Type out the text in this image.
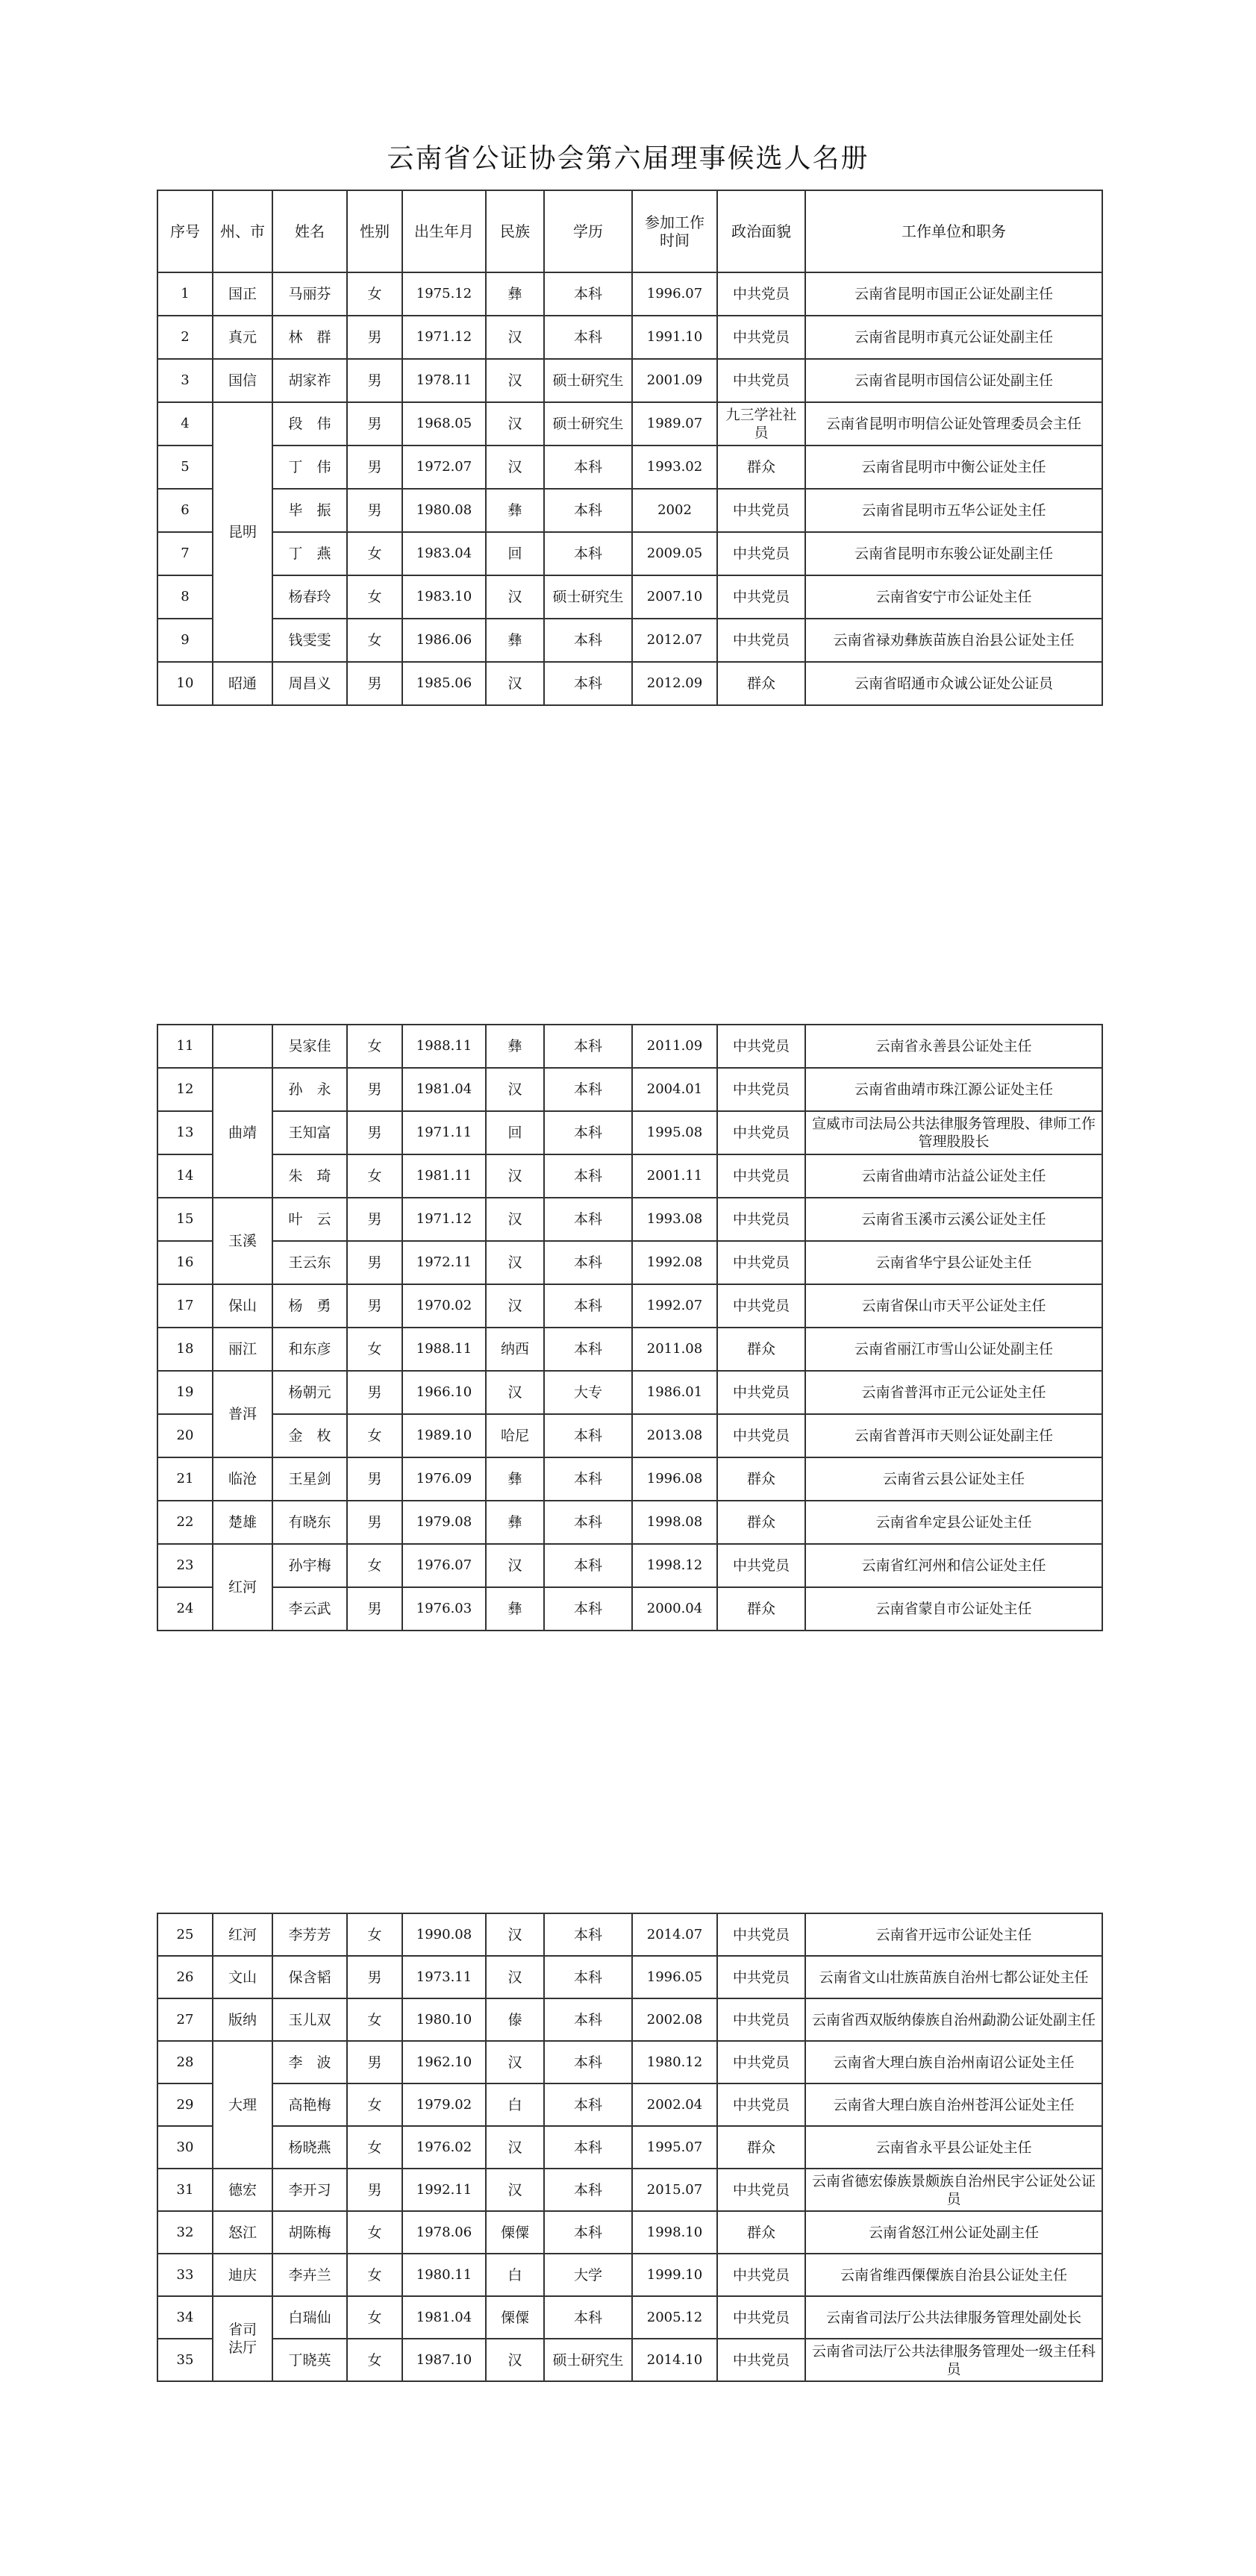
云南省公证协会第六届理事候选人名册
序号	州、市	姓名	性别	出生年月	民族	学历	参加工作时间	政治面貌	工作单位和职务
1	国正	马丽芬	女	1975.12	彝	本科	1996.07	中共党员	云南省昆明市国正公证处副主任
2	真元	林　群	男	1971.12	汉	本科	1991.10	中共党员	云南省昆明市真元公证处副主任
3	国信	胡家祚	男	1978.11	汉	硕士研究生	2001.09	中共党员	云南省昆明市国信公证处副主任
4	昆明	段　伟	男	1968.05	汉	硕士研究生	1989.07	九三学社社员	云南省昆明市明信公证处管理委员会主任
5		丁　伟	男	1972.07	汉	本科	1993.02	群众	云南省昆明市中衡公证处主任
6		毕　振	男	1980.08	彝	本科	2002	中共党员	云南省昆明市五华公证处主任
7		丁　燕	女	1983.04	回	本科	2009.05	中共党员	云南省昆明市东骏公证处副主任
8		杨春玲	女	1983.10	汉	硕士研究生	2007.10	中共党员	云南省安宁市公证处主任
9		钱雯雯	女	1986.06	彝	本科	2012.07	中共党员	云南省禄劝彝族苗族自治县公证处主任
10	昭通	周昌义	男	1985.06	汉	本科	2012.09	群众	云南省昭通市众诚公证处公证员
11		吴家佳	女	1988.11	彝	本科	2011.09	中共党员	云南省永善县公证处主任
12	曲靖	孙　永	男	1981.04	汉	本科	2004.01	中共党员	云南省曲靖市珠江源公证处主任
13		王知富	男	1971.11	回	本科	1995.08	中共党员	宣威市司法局公共法律服务管理股、律师工作管理股股长
14		朱　琦	女	1981.11	汉	本科	2001.11	中共党员	云南省曲靖市沾益公证处主任
15	玉溪	叶　云	男	1971.12	汉	本科	1993.08	中共党员	云南省玉溪市云溪公证处主任
16		王云东	男	1972.11	汉	本科	1992.08	中共党员	云南省华宁县公证处主任
17	保山	杨　勇	男	1970.02	汉	本科	1992.07	中共党员	云南省保山市天平公证处主任
18	丽江	和东彦	女	1988.11	纳西	本科	2011.08	群众	云南省丽江市雪山公证处副主任
19	普洱	杨朝元	男	1966.10	汉	大专	1986.01	中共党员	云南省普洱市正元公证处主任
20		金　枚	女	1989.10	哈尼	本科	2013.08	中共党员	云南省普洱市天则公证处副主任
21	临沧	王星剑	男	1976.09	彝	本科	1996.08	群众	云南省云县公证处主任
22	楚雄	有晓东	男	1979.08	彝	本科	1998.08	群众	云南省牟定县公证处主任
23	红河	孙宇梅	女	1976.07	汉	本科	1998.12	中共党员	云南省红河州和信公证处主任
24		李云武	男	1976.03	彝	本科	2000.04	群众	云南省蒙自市公证处主任
25	红河	李芳芳	女	1990.08	汉	本科	2014.07	中共党员	云南省开远市公证处主任
26	文山	保含韬	男	1973.11	汉	本科	1996.05	中共党员	云南省文山壮族苗族自治州七都公证处主任
27	版纳	玉儿双	女	1980.10	傣	本科	2002.08	中共党员	云南省西双版纳傣族自治州勐泐公证处副主任
28	大理	李　波	男	1962.10	汉	本科	1980.12	中共党员	云南省大理白族自治州南诏公证处主任
29		高艳梅	女	1979.02	白	本科	2002.04	中共党员	云南省大理白族自治州苍洱公证处主任
30		杨晓燕	女	1976.02	汉	本科	1995.07	群众	云南省永平县公证处主任
31	德宏	李开习	男	1992.11	汉	本科	2015.07	中共党员	云南省德宏傣族景颇族自治州民宇公证处公证员
32	怒江	胡陈梅	女	1978.06	傈僳	本科	1998.10	群众	云南省怒江州公证处副主任
33	迪庆	李卉兰	女	1980.11	白	大学	1999.10	中共党员	云南省维西傈僳族自治县公证处主任
34	省司法厅	白瑞仙	女	1981.04	傈僳	本科	2005.12	中共党员	云南省司法厅公共法律服务管理处副处长
35		丁晓英	女	1987.10	汉	硕士研究生	2014.10	中共党员	云南省司法厅公共法律服务管理处一级主任科员
